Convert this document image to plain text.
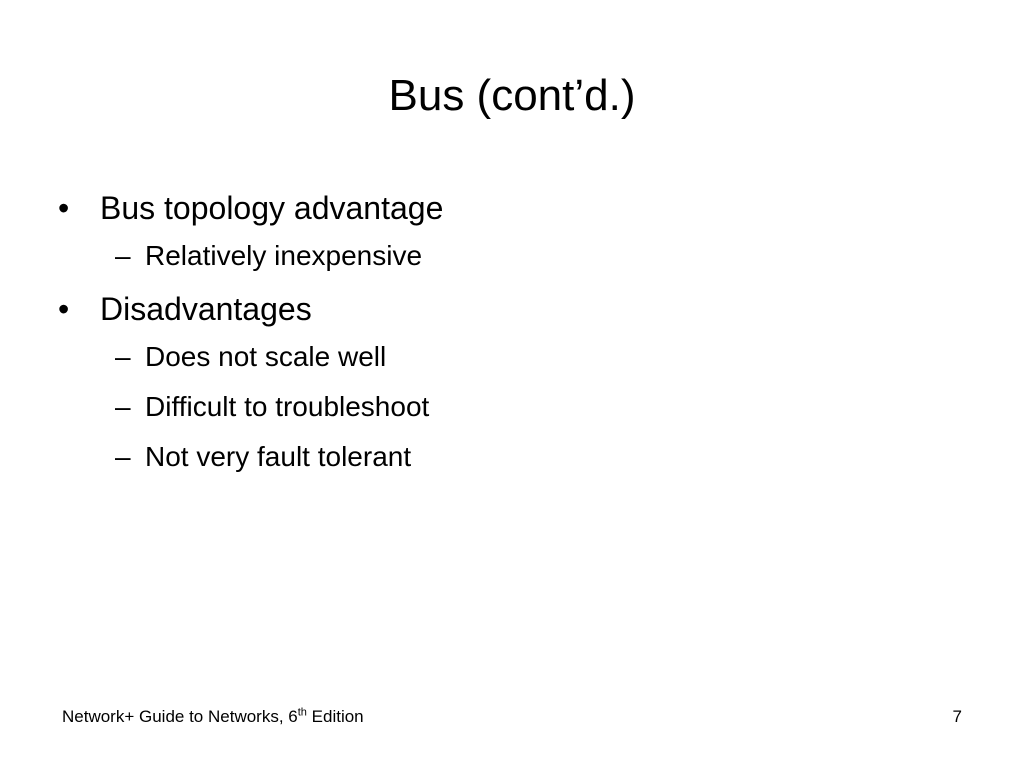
Bus (cont’d.)
• Bus topology advantage
– Relatively inexpensive
• Disadvantages
– Does not scale well
– Difficult to troubleshoot
– Not very fault tolerant
Network+ Guide to Networks, 6th Edition	7
